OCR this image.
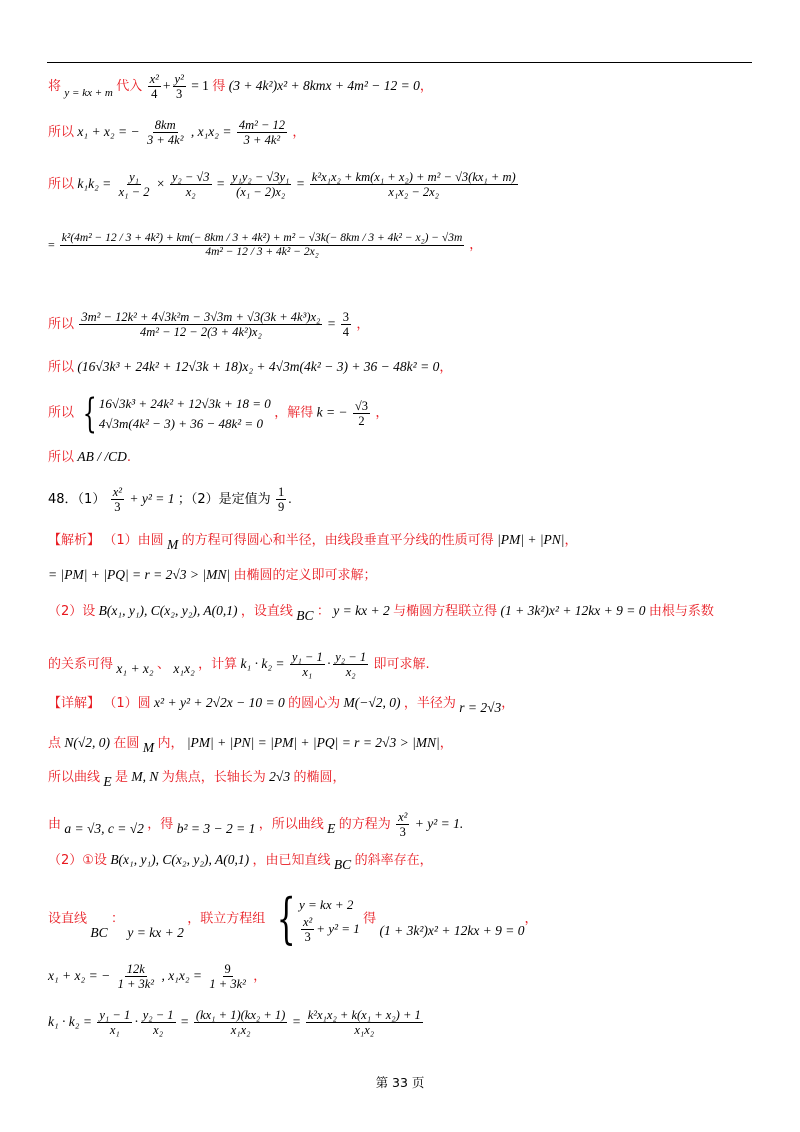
将 $_{y = kx + m}$ 代入 $\frac{\text{x²}}{4} + \frac{\text{y²}}{3} = 1$ 得 (3 + 4k²)x² + 8kmx + 4m² − 12 = 0，
所以 x₁ + x₂ = − $\frac{8km}{\text{3 + 4k²}}$ , $x_1x_2 = \frac{\text{4m² − 12}}{\text{3 + 4k²}}$ ，
所以 $k_1k_2 = \frac{\text{y₁}}{\text{x₁ − 2}} \times \frac{\text{y₂ − √3}}{\text{x₂}} = \frac{\text{y₁y₂ − √3y₁}}{\text{(x₁ − 2)x₂}} = \frac{\text{k²x₁x₂ + km(x₁ + x₂) + m² − √3(kx₁ + m)}}{\text{x₁x₂ − 2x₂}}$
= k²(4m² − 12 / 3 + 4k²) + km(− 8km / 3 + 4k²) + m² − √3k(− 8km / 3 + 4k² − x₂) − √3m
4m² − 12 / 3 + 4k² − 2x₂	，
所以 $\frac{\text{3m² − 12k² + 4√3k²m − 3√3m + √3(3k + 4k³)x₂}}{\text{4m² − 12 − 2(3 + 4k²)x₂}} = \frac{3}{4}$ ，
所以 (16√3k³ + 24k² + 12√3k + 18)x₂ + 4√3m(4k² − 3) + 36 − 48k² = 0，
所以 { 16√3k³ + 24k² + 12√3k + 18 = 0
4√3m(4k² − 3) + 36 − 48k² = 0
，解得 k = − $\frac{√3}{2}$ ，
所以 AB / /CD.
48．$(1) \frac{\text{x²}}{3} + y^2 = 1$ ；（2）是定值为 $\frac{1}{9}$ .
【解析】 （1）由圆 M 的方程可得圆心和半径，由线段垂直平分线的性质可得 |PM| + |PN|，
= |PM| + |PQ| = r = 2√3 > |MN| 由椭圆的定义即可求解；
（2）设 B(x₁, y₁), C(x₂, y₂), A(0,1) ，设直线 BC ： y = kx + 2 与椭圆方程联立得 (1 + 3k²)x² + 12kx + 9 = 0 由根与系数
的关系可得 x₁ + x₂ 、 x₁x₂ ，计算 $k_1 \cdot k_2 = \frac{\text{y₁ − 1}}{\text{x₁}} \cdot \frac{\text{y₂ − 1}}{\text{x₂}}$ 即可求解.
【详解】 （1）圆 x² + y² + 2√2x − 10 = 0 的圆心为 M(−√2, 0) ，半径为 r = 2√3，
点 N(√2, 0) 在圆 M 内， |PM| + |PN| = |PM| + |PQ| = r = 2√3 > |MN|，
所以曲线 E 是 M, N 为焦点，长轴长为 2√3 的椭圆，
由 a = √3, c = √2 ，得 b² = 3 − 2 = 1 ，所以曲线 E 的方程为 $\frac{\text{x²}}{3} + y^2 = 1$.
（2）①设 B(x₁, y₁), C(x₂, y₂), A(0,1) ，由已知直线 BC 的斜率存在，
设直线 BC ： y = kx + 2 ，联立方程组 { y = kx + 2
$\frac{\text{x²}}{3} + y^2 = 1$
得 (1 + 3k²)x² + 12kx + 9 = 0，
x₁ + x₂ = − $\frac{12k}{\text{1 + 3k²}}$ , $x_1x_2 = \frac{9}{\text{1 + 3k²}}$ ，
$k_1 \cdot k_2 = \frac{\text{y₁ − 1}}{\text{x₁}} \cdot \frac{\text{y₂ − 1}}{\text{x₂}} = \frac{\text{(kx₁ + 1)(kx₂ + 1)}}{\text{x₁x₂}} = \frac{\text{k²x₁x₂ + k(x₁ + x₂) + 1}}{\text{x₁x₂}}$
第 33 页
